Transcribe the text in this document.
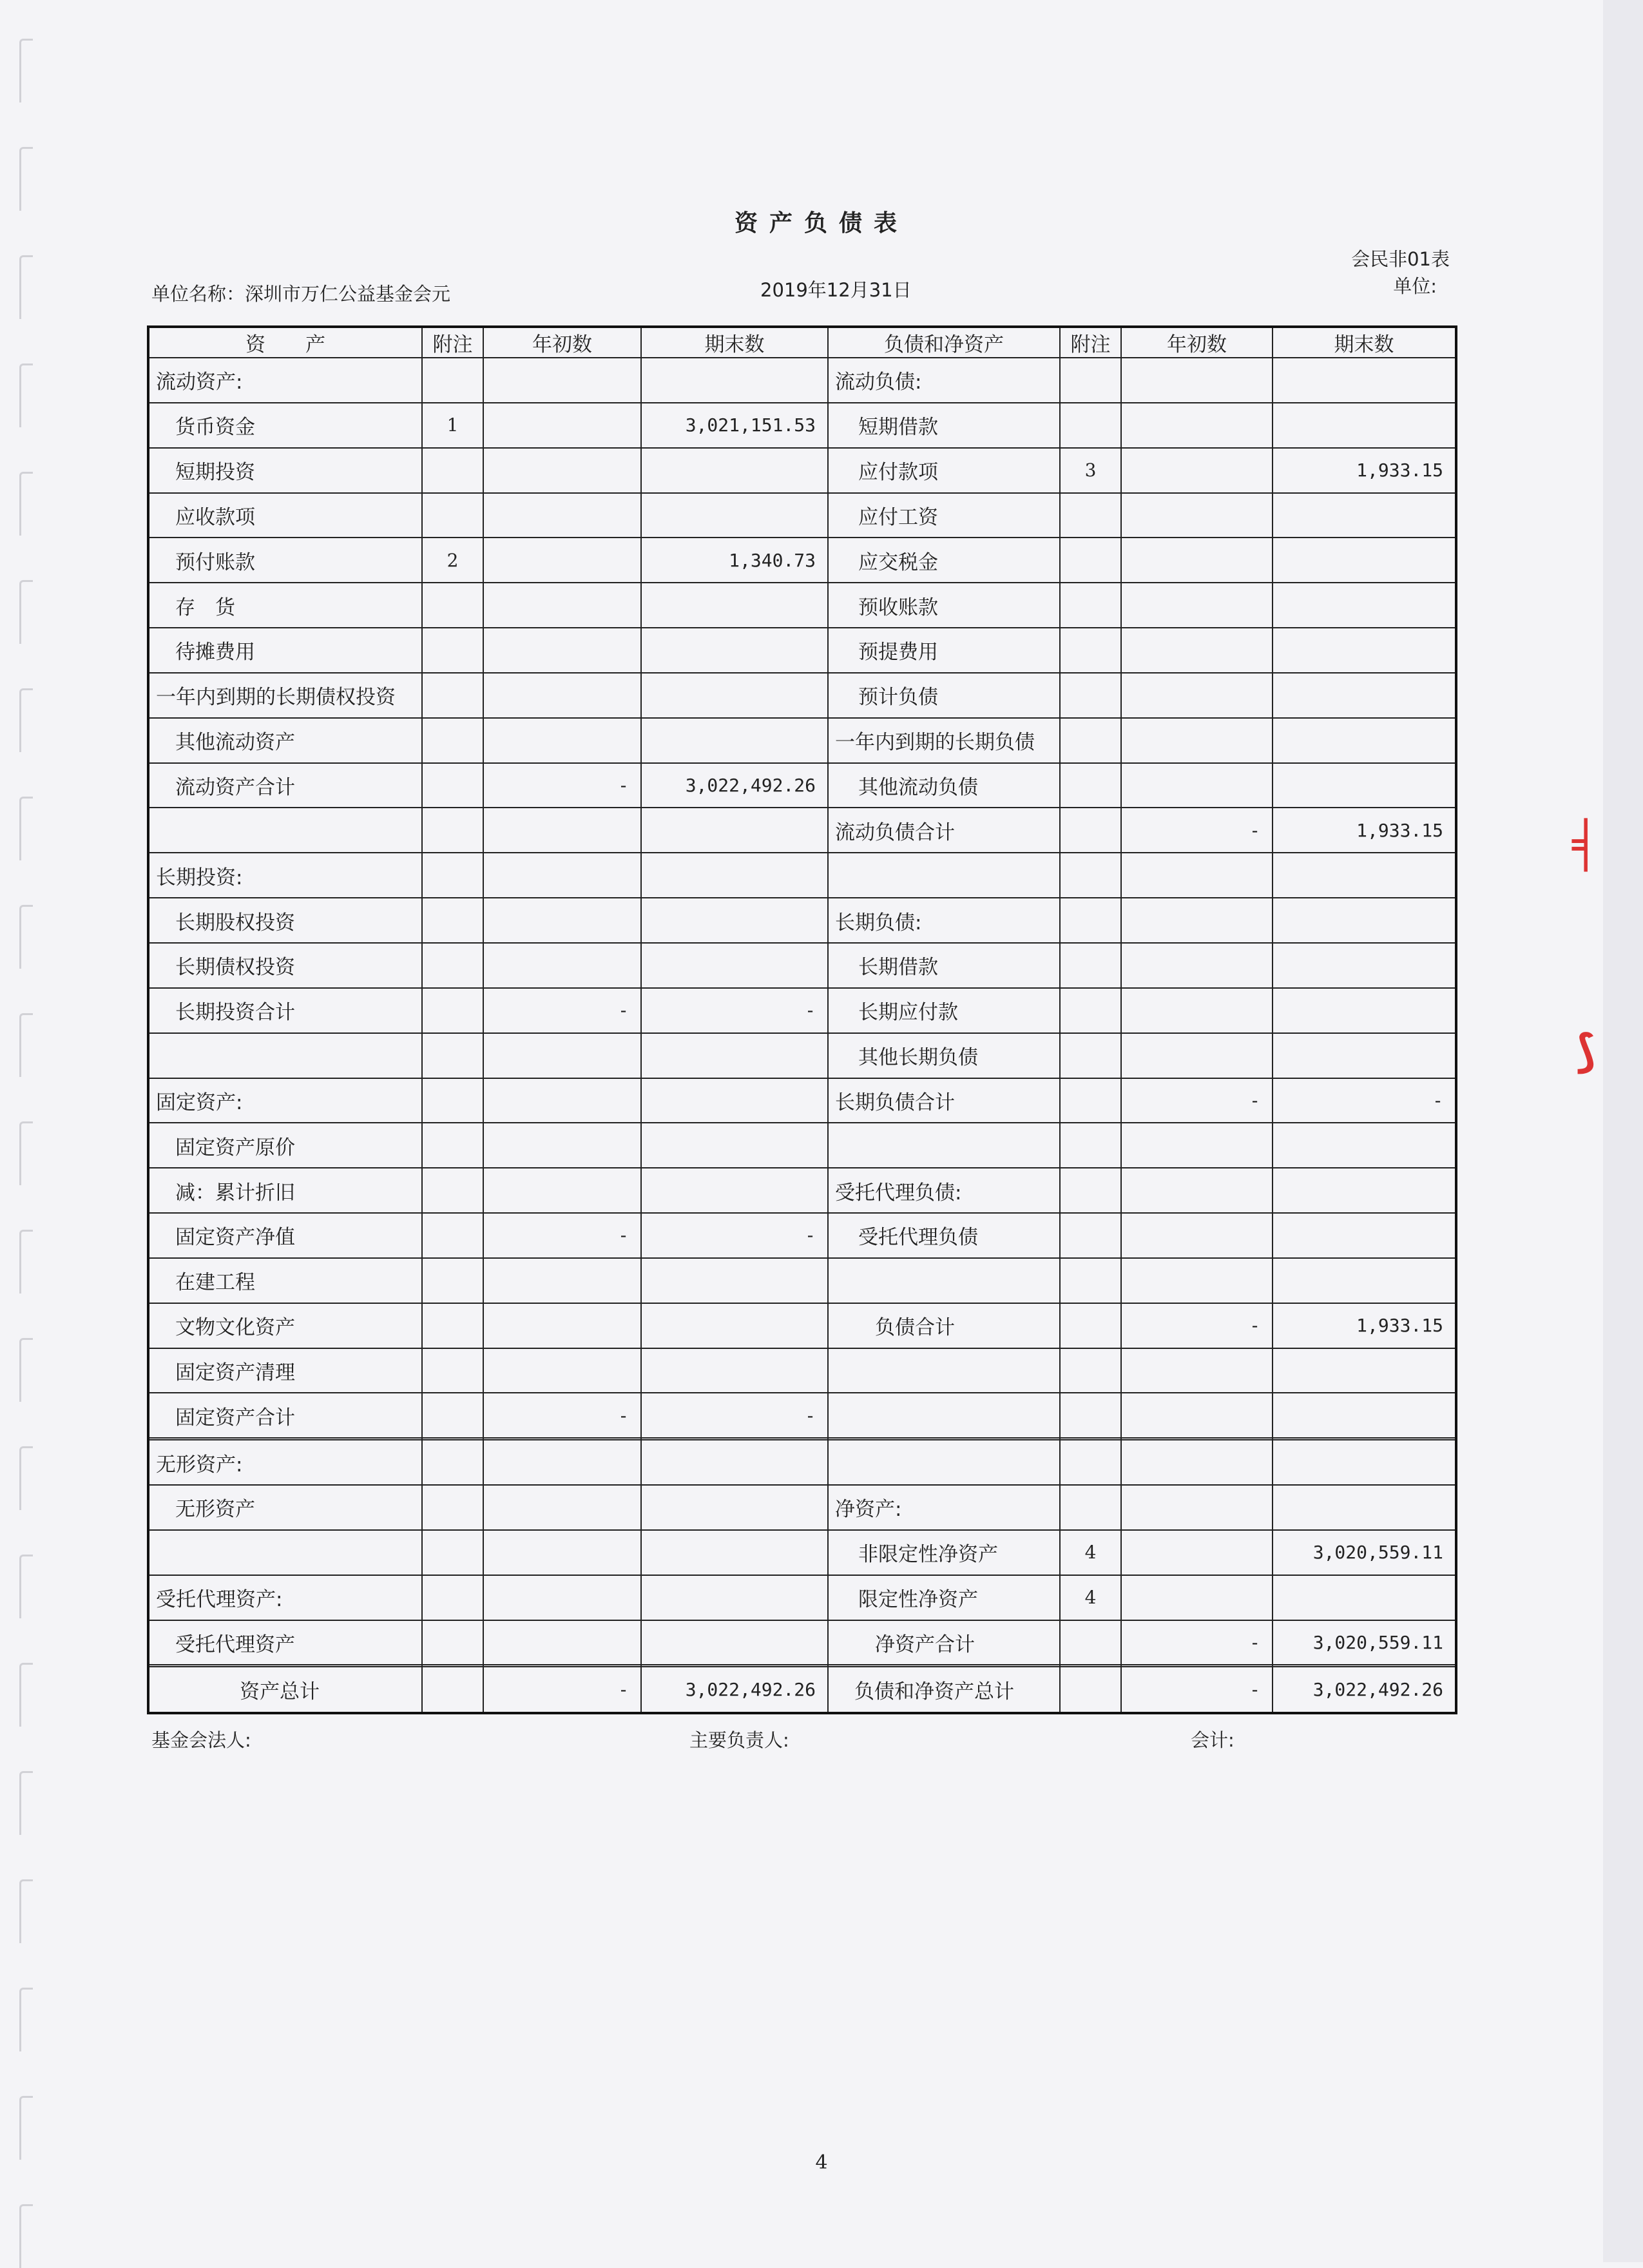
╡
⟆
资产负债表
会民非01表
单位:
单位名称：深圳市万仁公益基金会元	2019年12月31日
资　　产	附注	年初数	期末数	负债和净资产	附注	年初数	期末数
流动资产:				流动负债:			
货币资金	1		3,021,151.53	短期借款			
短期投资				应付款项	3		1,933.15
应收款项				应付工资			
预付账款	2		1,340.73	应交税金			
存　货				预收账款			
待摊费用				预提费用			
一年内到期的长期债权投资				预计负债			
其他流动资产				一年内到期的长期负债			
流动资产合计		-	3,022,492.26	其他流动负债			
				流动负债合计		-	1,933.15
长期投资:							
长期股权投资				长期负债:			
长期债权投资				长期借款			
长期投资合计		-	-	长期应付款			
				其他长期负债			
固定资产:				长期负债合计		-	-
固定资产原价							
减：累计折旧				受托代理负债:			
固定资产净值		-	-	受托代理负债			
在建工程							
文物文化资产				负债合计		-	1,933.15
固定资产清理							
固定资产合计		-	-				

无形资产:							
无形资产				净资产:			
				非限定性净资产	4		3,020,559.11
受托代理资产:				限定性净资产	4		
受托代理资产				净资产合计		-	3,020,559.11

资产总计		-	3,022,492.26	负债和净资产总计		-	3,022,492.26
基金会法人:	主要负责人:	会计:
4
